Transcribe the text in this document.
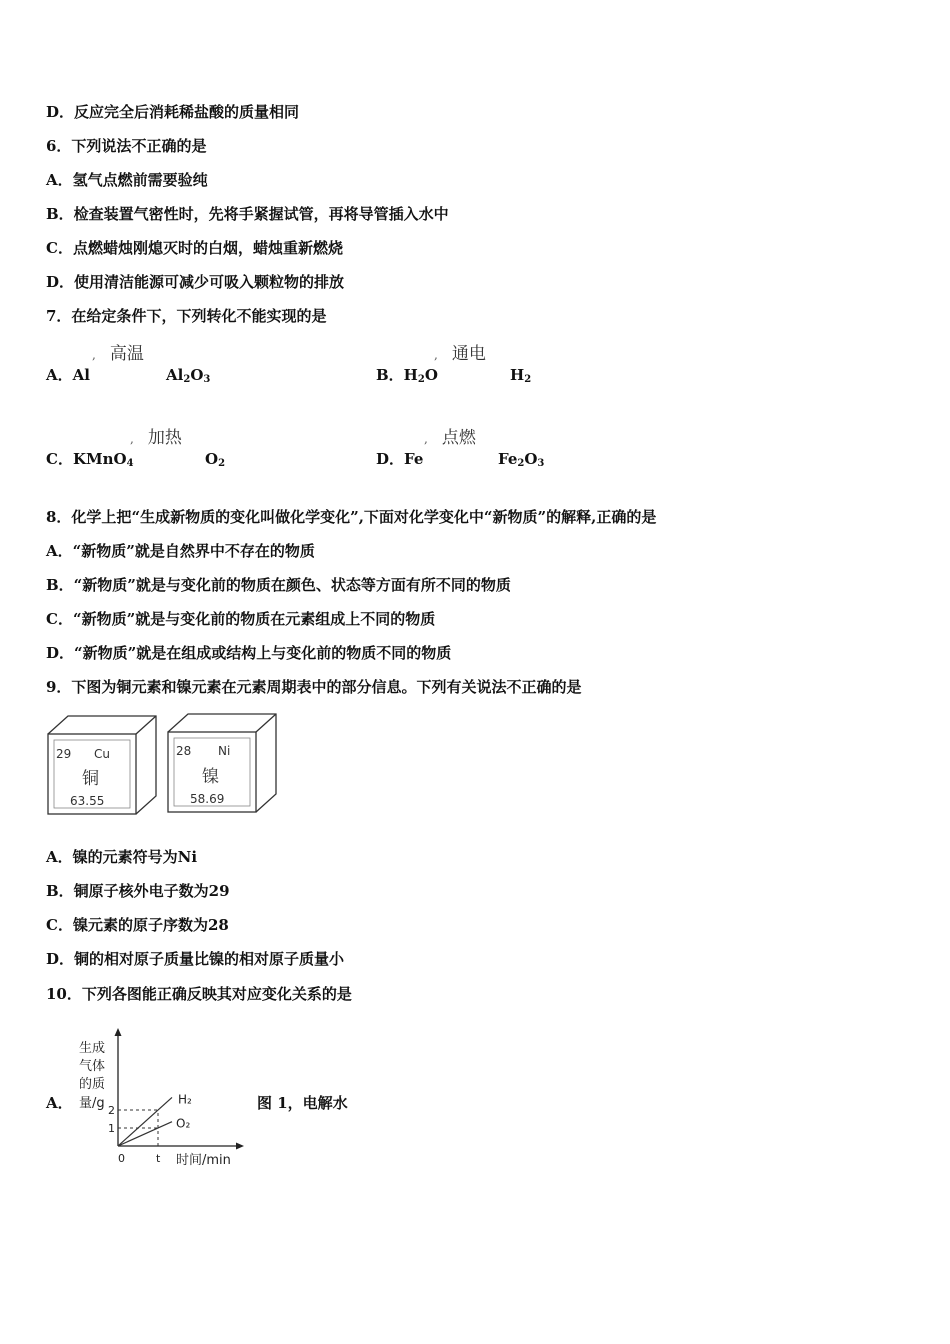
D．反应完全后消耗稀盐酸的质量相同
6．下列说法不正确的是
A．氢气点燃前需要验纯
B．检查装置气密性时，先将手紧握试管，再将导管插入水中
C．点燃蜡烛刚熄灭时的白烟，蜡烛重新燃烧
D．使用清洁能源可减少可吸入颗粒物的排放
7．在给定条件下，下列转化不能实现的是
, 高温	, 通电
, 加热	, 点燃
A．Al	$Al_2O_3$	B．$H_2O$	$H_2$
C．KMnO$_4$	$O_2$	D．Fe	$Fe_2O_3$
8．化学上把“生成新物质的变化叫做化学变化”,下面对化学变化中“新物质”的解释,正确的是
A．“新物质”就是自然界中不存在的物质
B．“新物质”就是与变化前的物质在颜色、状态等方面有所不同的物质
C．“新物质”就是与变化前的物质在元素组成上不同的物质
D．“新物质”就是在组成或结构上与变化前的物质不同的物质
9．下图为铜元素和镍元素在元素周期表中的部分信息。下列有关说法不正确的是
29 Cu
铜
63.55
28 Ni
镍
58.69
A．镍的元素符号为Ni
B．铜原子核外电子数为29
C．镍元素的原子序数为28
D．铜的相对原子质量比镍的相对原子质量小
10．下列各图能正确反映其对应变化关系的是
A．	图 1，电解水
生成
气体
的质
量/g 2
1
t
H₂
O₂
0	时间/min
